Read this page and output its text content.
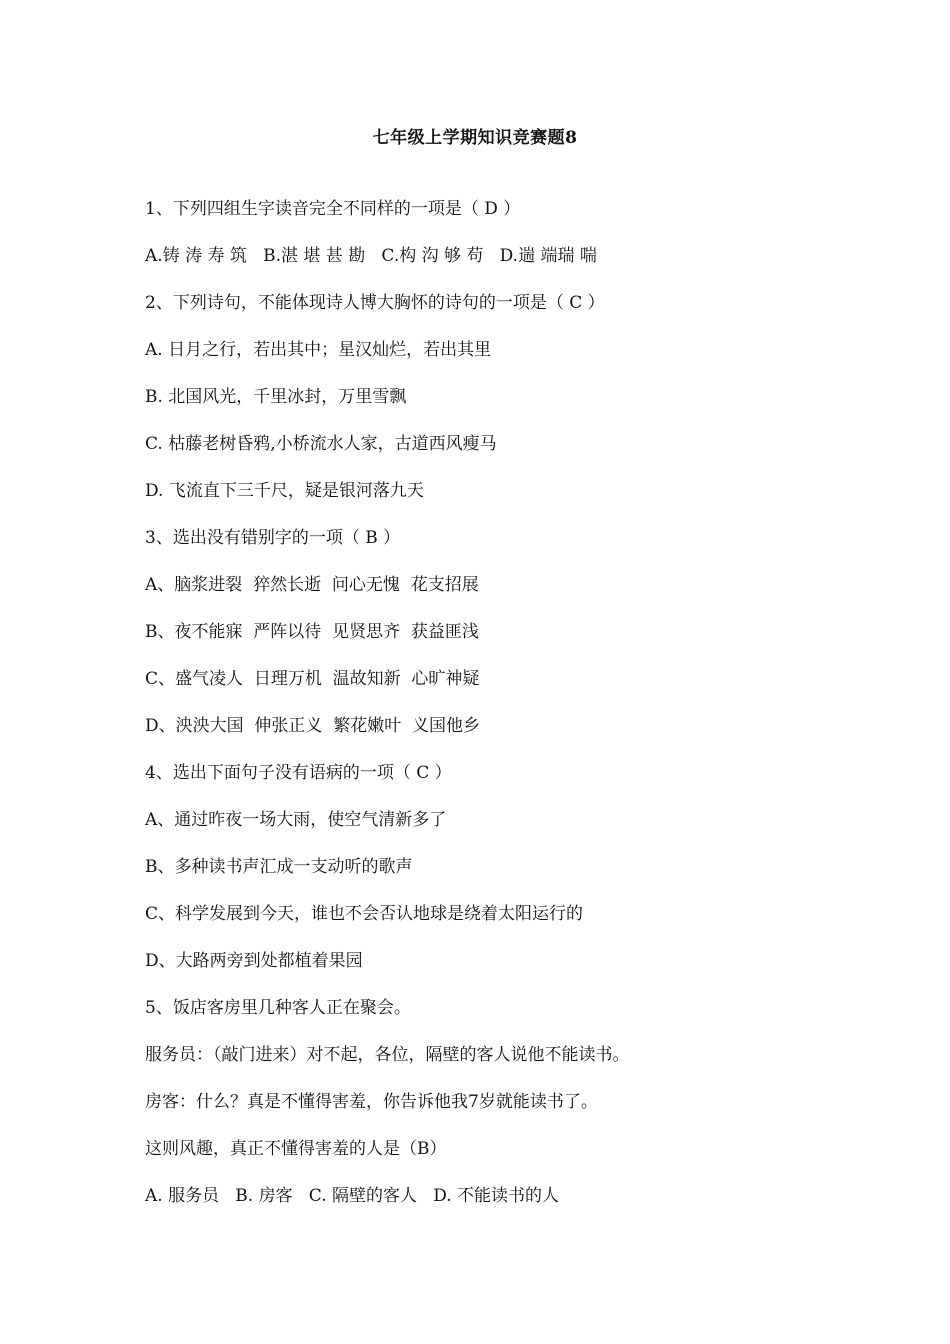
七年级上学期知识竞赛题8
1、下列四组生字读音完全不同样的一项是（ D ）
A.铸 涛 寿 筑   B.湛 堪 甚 勘   C.构 沟 够 苟   D.遄 端瑞 喘
2、下列诗句，不能体现诗人博大胸怀的诗句的一项是（ C ）
A. 日月之行，若出其中；星汉灿烂，若出其里
B. 北国风光，千里冰封，万里雪飘
C. 枯藤老树昏鸦,小桥流水人家，古道西风瘦马
D. 飞流直下三千尺，疑是银河落九天
3、选出没有错别字的一项（ B ）
A、脑浆进裂  猝然长逝  问心无愧  花支招展
B、夜不能寐  严阵以待  见贤思齐  获益匪浅
C、盛气凌人  日理万机  温故知新  心旷神疑
D、泱泱大国  伸张正义  繁花嫩叶  义国他乡
4、选出下面句子没有语病的一项（ C ）
A、通过昨夜一场大雨，使空气清新多了
B、多种读书声汇成一支动听的歌声
C、科学发展到今天，谁也不会否认地球是绕着太阳运行的
D、大路两旁到处都植着果园
5、饭店客房里几种客人正在聚会。
服务员：（敲门进来）对不起，各位，隔壁的客人说他不能读书。
房客：什么？真是不懂得害羞，你告诉他我7岁就能读书了。
这则风趣，真正不懂得害羞的人是（B）
A. 服务员   B. 房客   C. 隔壁的客人   D. 不能读书的人
